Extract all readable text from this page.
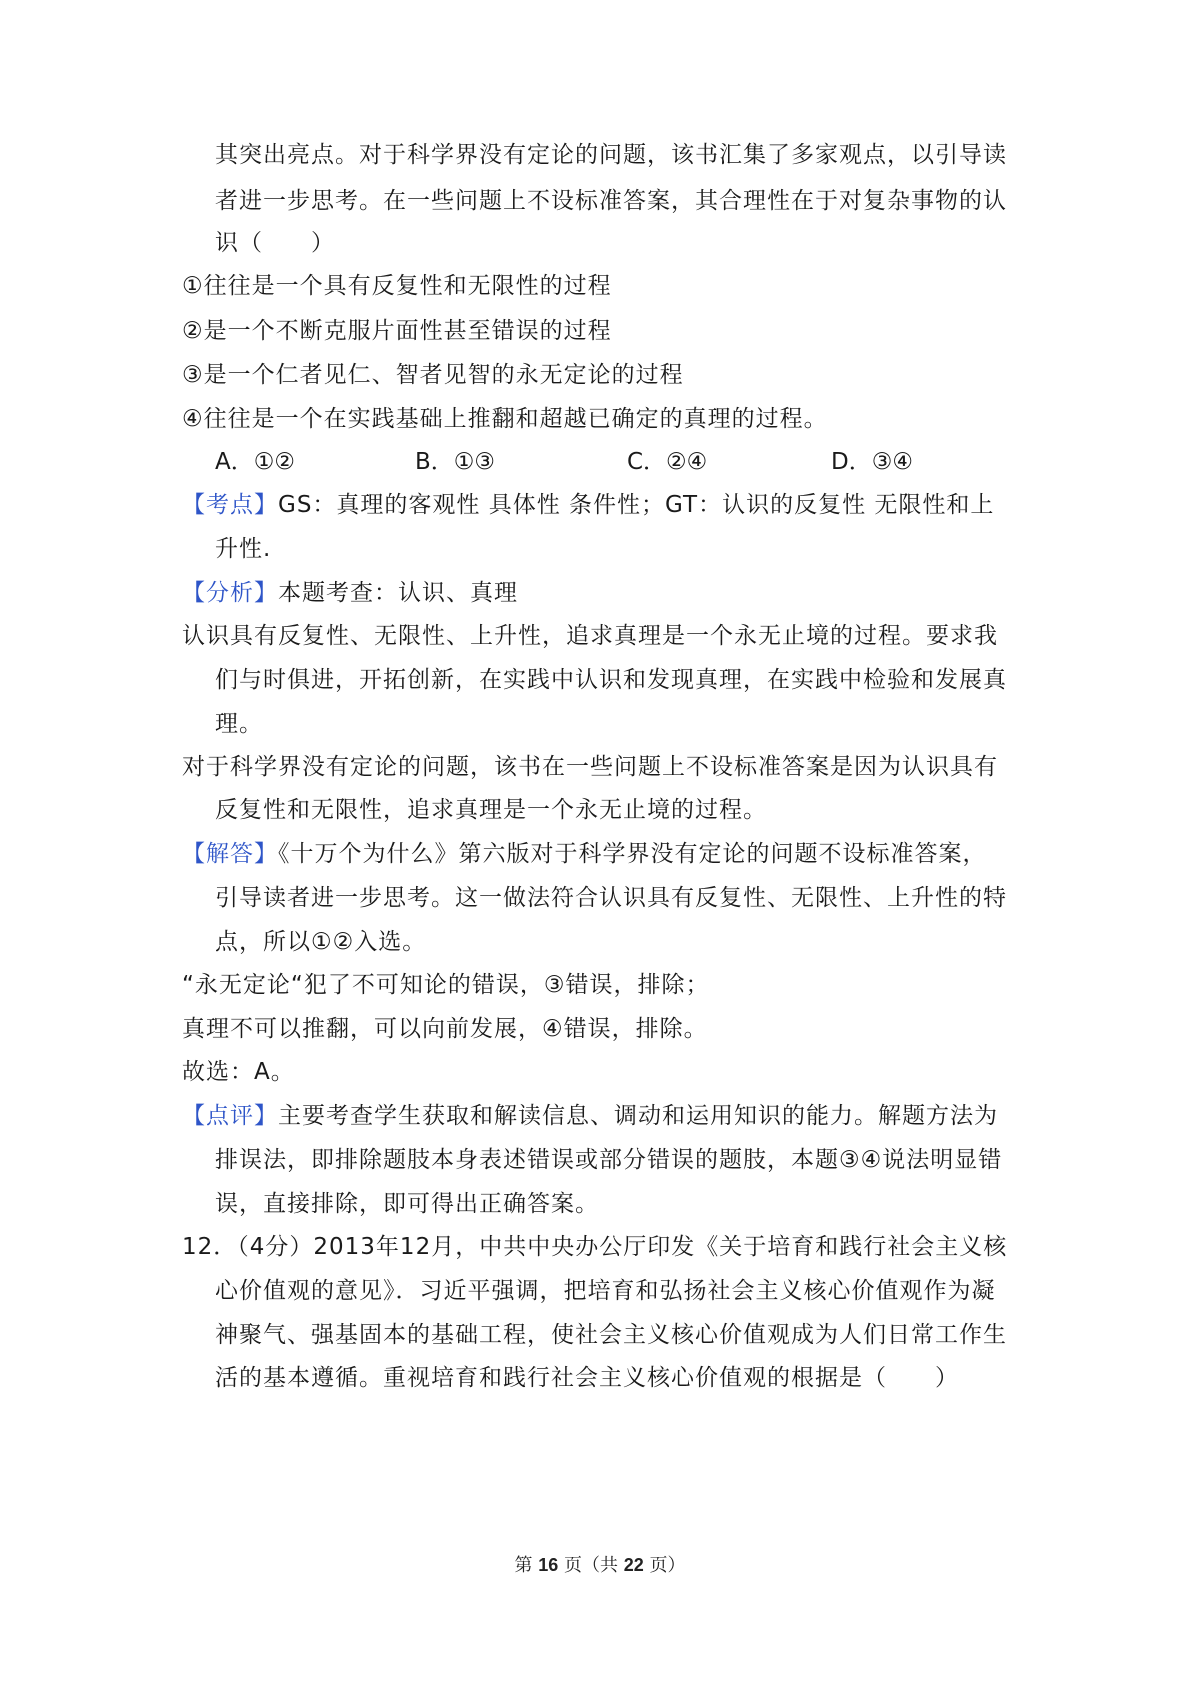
其突出亮点。对于科学界没有定论的问题，该书汇集了多家观点，以引导读
者进一步思考。在一些问题上不设标准答案，其合理性在于对复杂事物的认
识（　　）
①往往是一个具有反复性和无限性的过程
②是一个不断克服片面性甚至错误的过程
③是一个仁者见仁、智者见智的永无定论的过程
④往往是一个在实践基础上推翻和超越已确定的真理的过程。
A．①②	B．①③	C．②④	D．③④
【考点】GS：真理的客观性 具体性 条件性；GT：认识的反复性 无限性和上
升性.
【分析】本题考查：认识、真理
认识具有反复性、无限性、上升性，追求真理是一个永无止境的过程。要求我
们与时俱进，开拓创新，在实践中认识和发现真理，在实践中检验和发展真
理。
对于科学界没有定论的问题，该书在一些问题上不设标准答案是因为认识具有
反复性和无限性，追求真理是一个永无止境的过程。
【解答】《十万个为什么》第六版对于科学界没有定论的问题不设标准答案，
引导读者进一步思考。这一做法符合认识具有反复性、无限性、上升性的特
点，所以①②入选。
“永无定论“犯了不可知论的错误，③错误，排除；
真理不可以推翻，可以向前发展，④错误，排除。
故选：A。
【点评】主要考查学生获取和解读信息、调动和运用知识的能力。解题方法为
排误法，即排除题肢本身表述错误或部分错误的题肢，本题③④说法明显错
误，直接排除，即可得出正确答案。
12．（4分）2013年12月，中共中央办公厅印发《关于培育和践行社会主义核
心价值观的意见》．习近平强调，把培育和弘扬社会主义核心价值观作为凝
神聚气、强基固本的基础工程，使社会主义核心价值观成为人们日常工作生
活的基本遵循。重视培育和践行社会主义核心价值观的根据是（　　）
第 16 页（共 22 页）
